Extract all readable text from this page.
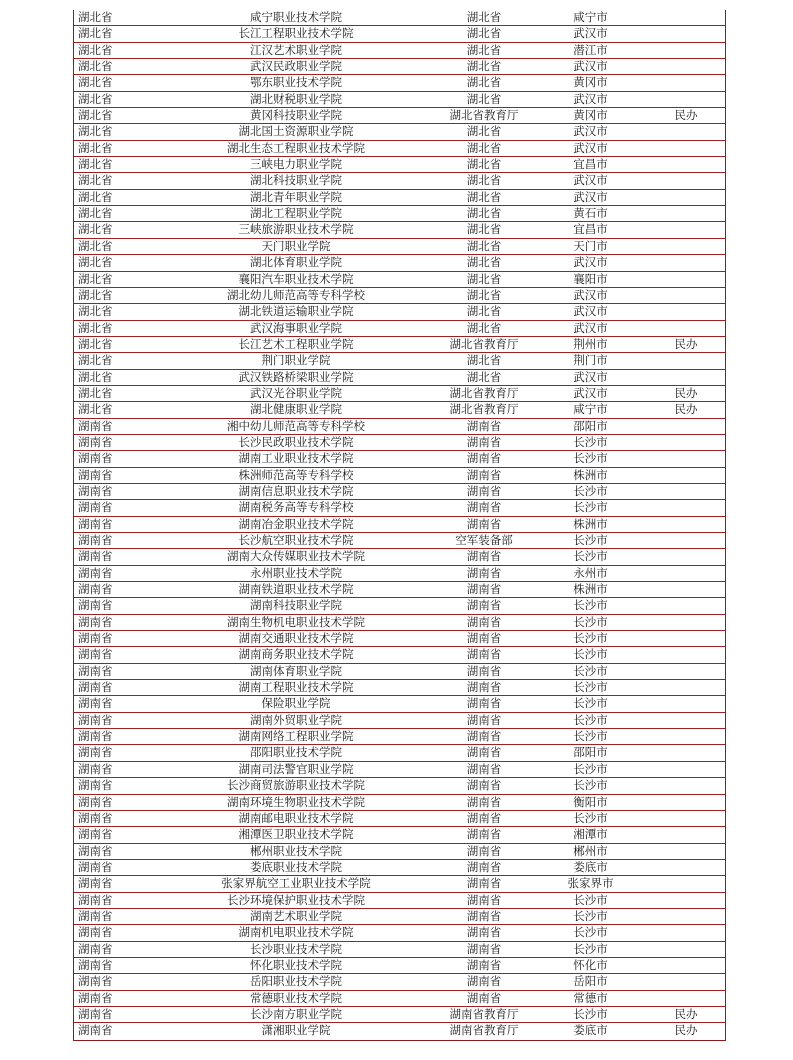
湖北省	咸宁职业技术学院	湖北省	咸宁市
湖北省	长江工程职业技术学院	湖北省	武汉市
湖北省	江汉艺术职业学院	湖北省	潜江市
湖北省	武汉民政职业学院	湖北省	武汉市
湖北省	鄂东职业技术学院	湖北省	黄冈市
湖北省	湖北财税职业学院	湖北省	武汉市
湖北省	黄冈科技职业学院	湖北省教育厅	黄冈市	民办
湖北省	湖北国土资源职业学院	湖北省	武汉市
湖北省	湖北生态工程职业技术学院	湖北省	武汉市
湖北省	三峡电力职业学院	湖北省	宜昌市
湖北省	湖北科技职业学院	湖北省	武汉市
湖北省	湖北青年职业学院	湖北省	武汉市
湖北省	湖北工程职业学院	湖北省	黄石市
湖北省	三峡旅游职业技术学院	湖北省	宜昌市
湖北省	天门职业学院	湖北省	天门市
湖北省	湖北体育职业学院	湖北省	武汉市
湖北省	襄阳汽车职业技术学院	湖北省	襄阳市
湖北省	湖北幼儿师范高等专科学校	湖北省	武汉市
湖北省	湖北铁道运输职业学院	湖北省	武汉市
湖北省	武汉海事职业学院	湖北省	武汉市
湖北省	长江艺术工程职业学院	湖北省教育厅	荆州市	民办
湖北省	荆门职业学院	湖北省	荆门市
湖北省	武汉铁路桥梁职业学院	湖北省	武汉市
湖北省	武汉光谷职业学院	湖北省教育厅	武汉市	民办
湖北省	湖北健康职业学院	湖北省教育厅	咸宁市	民办
湖南省	湘中幼儿师范高等专科学校	湖南省	邵阳市
湖南省	长沙民政职业技术学院	湖南省	长沙市
湖南省	湖南工业职业技术学院	湖南省	长沙市
湖南省	株洲师范高等专科学校	湖南省	株洲市
湖南省	湖南信息职业技术学院	湖南省	长沙市
湖南省	湖南税务高等专科学校	湖南省	长沙市
湖南省	湖南冶金职业技术学院	湖南省	株洲市
湖南省	长沙航空职业技术学院	空军装备部	长沙市
湖南省	湖南大众传媒职业技术学院	湖南省	长沙市
湖南省	永州职业技术学院	湖南省	永州市
湖南省	湖南铁道职业技术学院	湖南省	株洲市
湖南省	湖南科技职业学院	湖南省	长沙市
湖南省	湖南生物机电职业技术学院	湖南省	长沙市
湖南省	湖南交通职业技术学院	湖南省	长沙市
湖南省	湖南商务职业技术学院	湖南省	长沙市
湖南省	湖南体育职业学院	湖南省	长沙市
湖南省	湖南工程职业技术学院	湖南省	长沙市
湖南省	保险职业学院	湖南省	长沙市
湖南省	湖南外贸职业学院	湖南省	长沙市
湖南省	湖南网络工程职业学院	湖南省	长沙市
湖南省	邵阳职业技术学院	湖南省	邵阳市
湖南省	湖南司法警官职业学院	湖南省	长沙市
湖南省	长沙商贸旅游职业技术学院	湖南省	长沙市
湖南省	湖南环境生物职业技术学院	湖南省	衡阳市
湖南省	湖南邮电职业技术学院	湖南省	长沙市
湖南省	湘潭医卫职业技术学院	湖南省	湘潭市
湖南省	郴州职业技术学院	湖南省	郴州市
湖南省	娄底职业技术学院	湖南省	娄底市
湖南省	张家界航空工业职业技术学院	湖南省	张家界市
湖南省	长沙环境保护职业技术学院	湖南省	长沙市
湖南省	湖南艺术职业学院	湖南省	长沙市
湖南省	湖南机电职业技术学院	湖南省	长沙市
湖南省	长沙职业技术学院	湖南省	长沙市
湖南省	怀化职业技术学院	湖南省	怀化市
湖南省	岳阳职业技术学院	湖南省	岳阳市
湖南省	常德职业技术学院	湖南省	常德市
湖南省	长沙南方职业学院	湖南省教育厅	长沙市	民办
湖南省	潇湘职业学院	湖南省教育厅	娄底市	民办
